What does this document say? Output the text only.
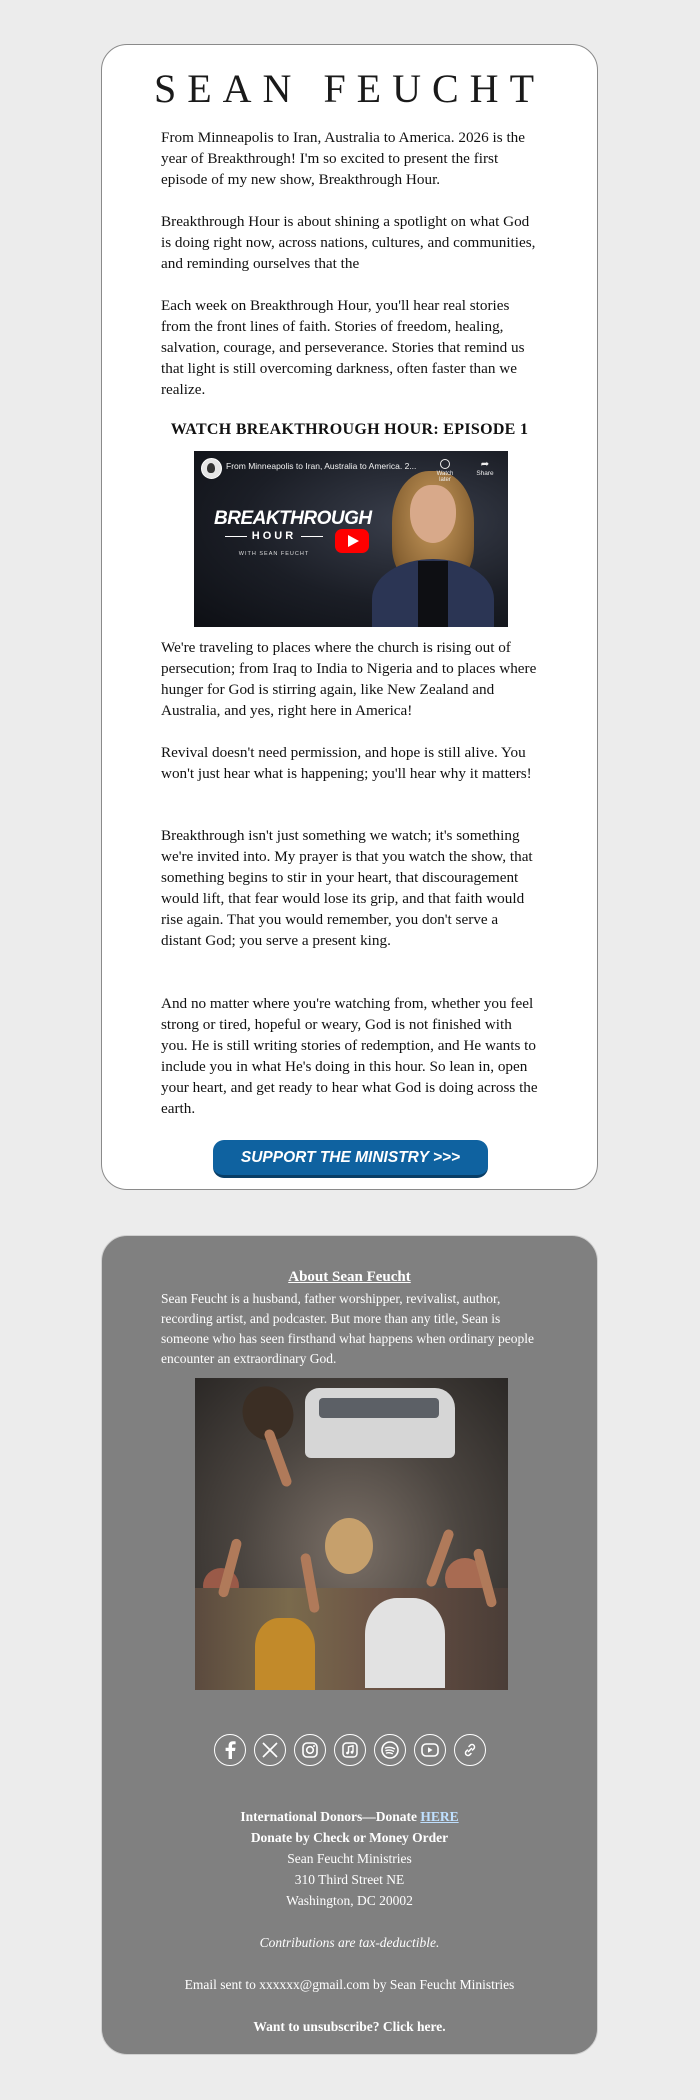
SEAN FEUCHT

From Minneapolis to Iran, Australia to America. 2026 is the year of Breakthrough! I'm so excited to present the first episode of my new show, Breakthrough Hour.

Breakthrough Hour is about shining a spotlight on what God is doing right now, across nations, cultures, and communities, and reminding ourselves that the

Each week on Breakthrough Hour, you'll hear real stories from the front lines of faith. Stories of freedom, healing, salvation, courage, and perseverance. Stories that remind us that light is still overcoming darkness, often faster than we realize.

WATCH BREAKTHROUGH HOUR: EPISODE 1
From Minneapolis to Iran, Australia to America. 2...
Watch later
➦
Share
BREAKTHROUGH
HOUR
WITH SEAN FEUCHT

We're traveling to places where the church is rising out of persecution; from Iraq to India to Nigeria and to places where hunger for God is stirring again, like New Zealand and Australia, and yes, right here in America!

Revival doesn't need permission, and hope is still alive. You won't just hear what is happening; you'll hear why it matters!

Breakthrough isn't just something we watch; it's something we're invited into. My prayer is that you watch the show, that something begins to stir in your heart, that discouragement would lift, that fear would lose its grip, and that faith would rise again. That you would remember, you don't serve a distant God; you serve a present king.

And no matter where you're watching from, whether you feel strong or tired, hopeful or weary, God is not finished with you. He is still writing stories of redemption, and He wants to include you in what He's doing in this hour. So lean in, open your heart, and get ready to hear what God is doing across the earth.

SUPPORT THE MINISTRY >>>
About Sean Feucht

Sean Feucht is a husband, father worshipper, revivalist, author, recording artist, and podcaster. But more than any title, Sean is someone who has seen firsthand what happens when ordinary people encounter an extraordinary God.

International Donors—Donate HERE
Donate by Check or Money Order
Sean Feucht Ministries
310 Third Street NE
Washington, DC 20002
Contributions are tax-deductible.
Email sent to xxxxxx@gmail.com by Sean Feucht Ministries
Want to unsubscribe? Click here.
